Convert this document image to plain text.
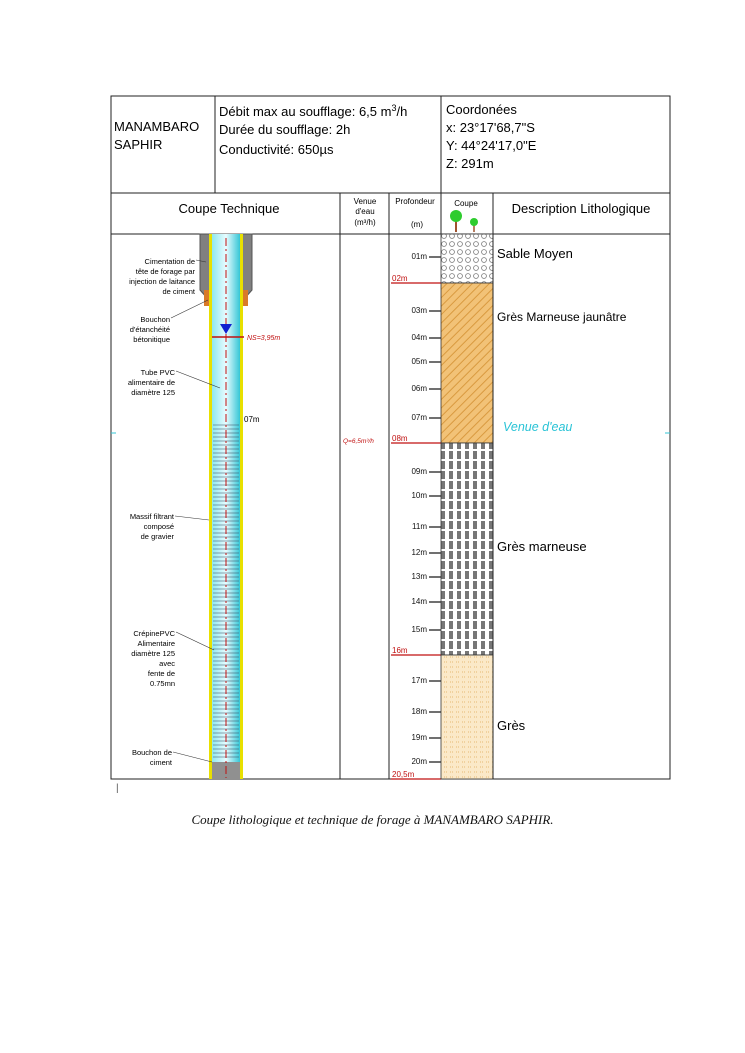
MANAMBARO
SAPHIR
Débit max au soufflage: 6,5 $m^3/h$
Durée du soufflage: 2h
Conductivité: 650µs
Coordonées
x: 23°17'68,7"S
Y: 44°24'17,0"E
Z: 291m
Coupe Technique	Venue
d'eau
(m³/h)
Profondeur
(m)
Coupe	Description Lithologique
NS=3,95m
07m
Cimentation de
tête de forage par
injection de laitance
de ciment
Bouchon
d'étanchéité
bétonitique
Tube PVC
alimentaire de
diamètre 125
Massif filtrant
composé
de gravier
CrépinePVC
Alimentaire
diamètre 125
avec
fente de
0.75mn
Bouchon de
ciment
Q=6,5m³/h
Venue d'eau
01m
02m
03m
04m
05m
06m
07m
08m
09m
10m
11m
12m
13m
14m
15m
16m
17m
18m
19m
20m
20,5m
Sable Moyen
Grès Marneuse jaunâtre
Grès marneuse
Grès
|
Coupe lithologique et technique de forage à MANAMBARO SAPHIR.
